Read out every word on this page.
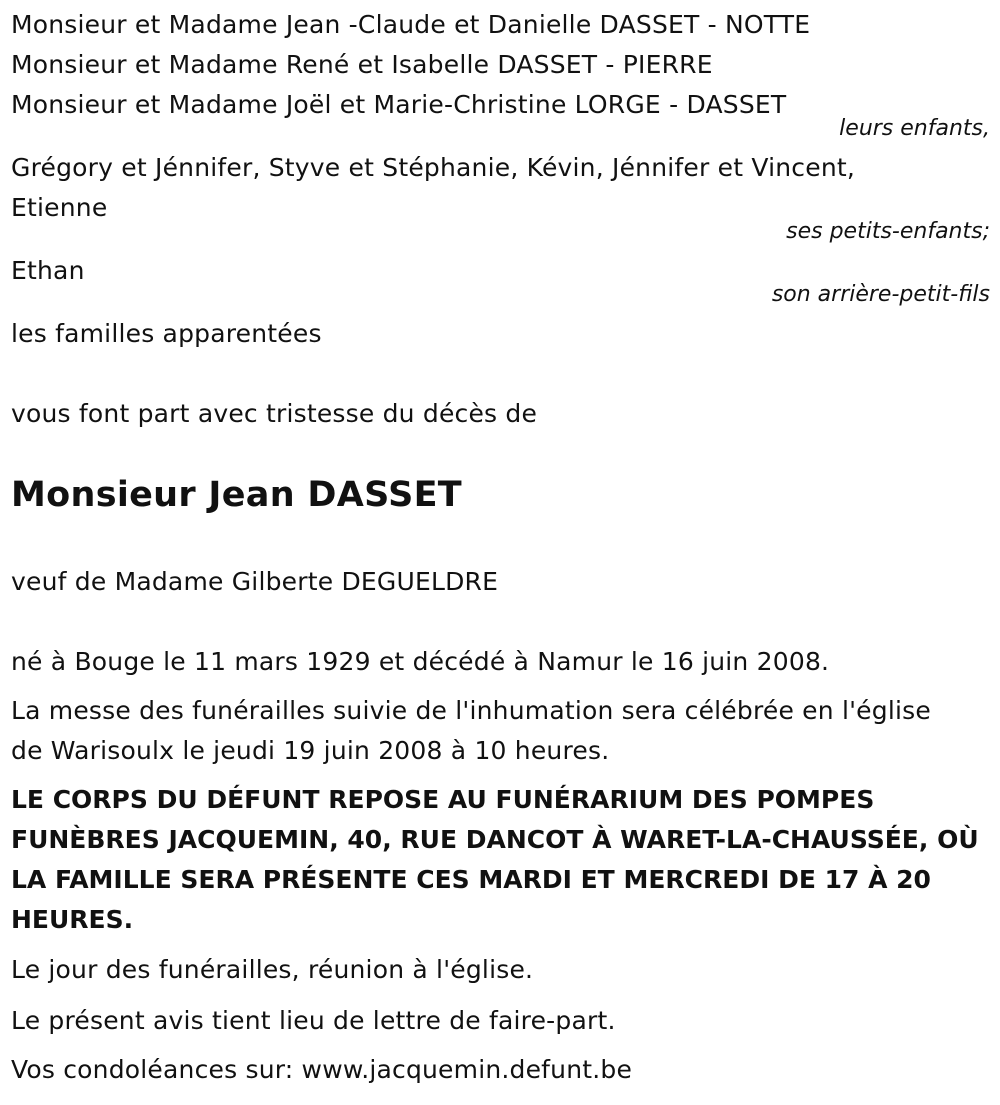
Monsieur et Madame Jean -Claude et Danielle DASSET - NOTTE
Monsieur et Madame René et Isabelle DASSET - PIERRE
Monsieur et Madame Joël et Marie-Christine LORGE - DASSET
leurs enfants,
Grégory et Jénnifer, Styve et Stéphanie, Kévin, Jénnifer et Vincent,
Etienne
ses petits-enfants;
Ethan
son arrière-petit-fils
les familles apparentées
vous font part avec tristesse du décès de
Monsieur Jean DASSET
veuf de Madame Gilberte DEGUELDRE
né à Bouge le 11 mars 1929 et décédé à Namur le 16 juin 2008.
La messe des funérailles suivie de l'inhumation sera célébrée en l'église
de Warisoulx le jeudi 19 juin 2008 à 10 heures.
LE CORPS DU DÉFUNT REPOSE AU FUNÉRARIUM DES POMPES
FUNÈBRES JACQUEMIN, 40, RUE DANCOT À WARET-LA-CHAUSSÉE, OÙ
LA FAMILLE SERA PRÉSENTE CES MARDI ET MERCREDI DE 17 À 20
HEURES.
Le jour des funérailles, réunion à l'église.
Le présent avis tient lieu de lettre de faire-part.
Vos condoléances sur: www.jacquemin.defunt.be
